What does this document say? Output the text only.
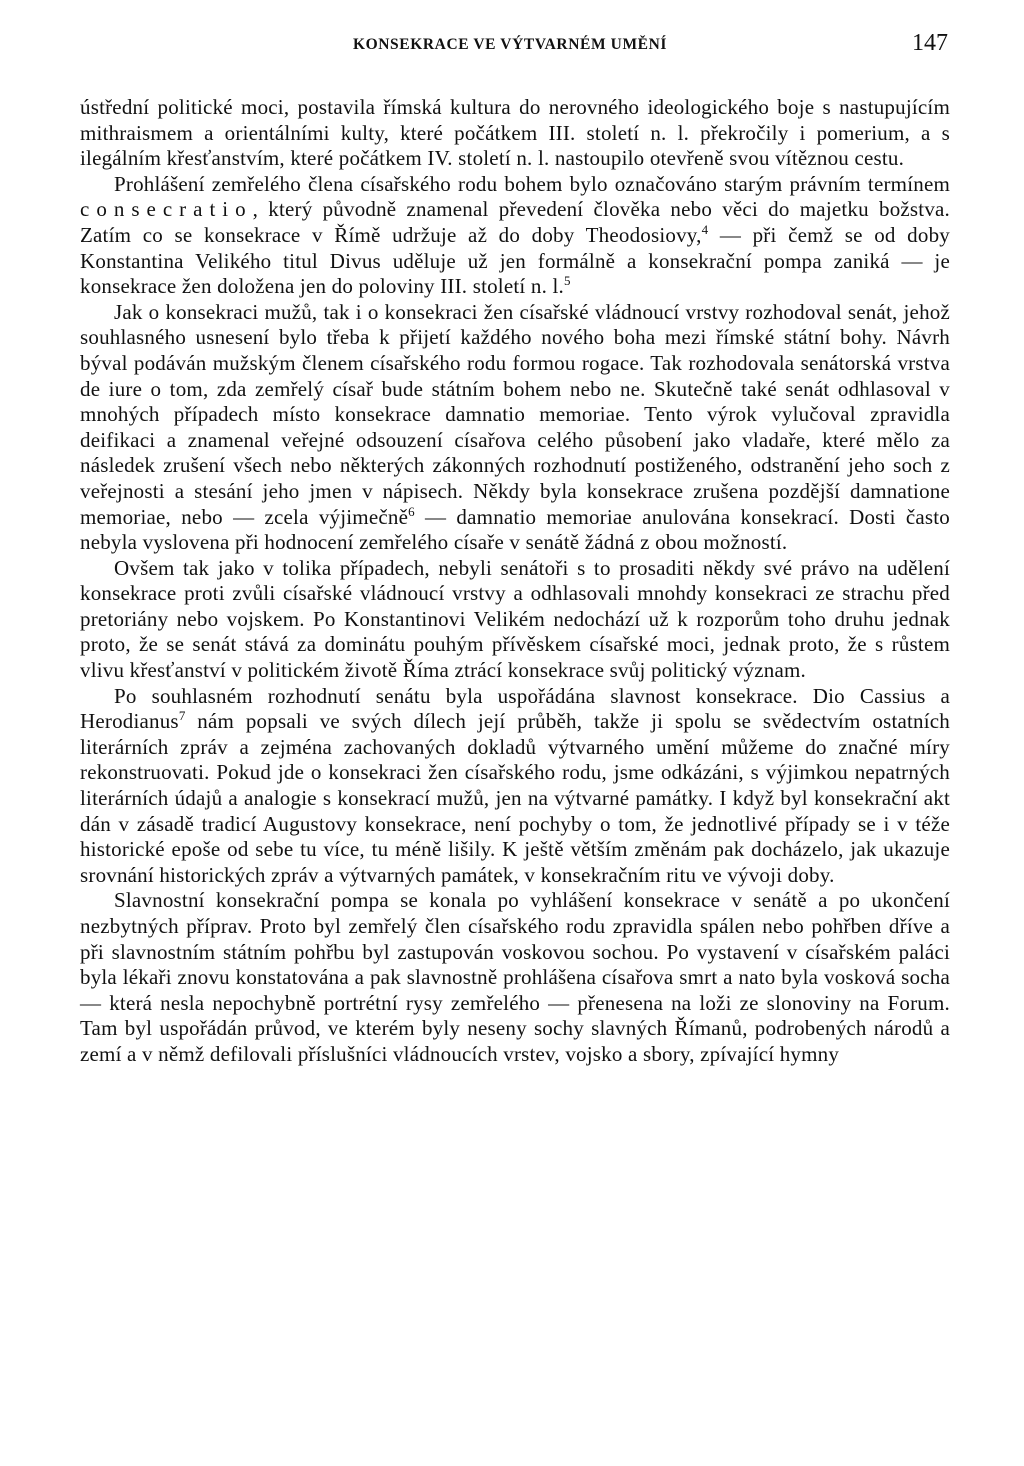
KONSEKRACE VE VÝTVARNÉM UMĚNÍ	147

ústřední politické moci, postavila římská kultura do nerovného ideologického boje s nastupujícím mithraismem a orientálními kulty, které počátkem III. století n. l. překročily i pomerium, a s ilegálním křesťanstvím, které počátkem IV. století n. l. nastoupilo otevřeně svou vítěznou cestu.

Prohlášení zemřelého člena císařského rodu bohem bylo označováno starým právním termínem consecratio, který původně znamenal převedení člověka nebo věci do majetku božstva. Zatím co se konsekrace v Římě udržuje až do doby Theodosiovy,$^4$ — při čemž se od doby Konstantina Velikého titul Divus uděluje už jen formálně a konsekrační pompa zaniká — je konsekrace žen doložena jen do poloviny III. století n. l.$^5$

Jak o konsekraci mužů, tak i o konsekraci žen císařské vládnoucí vrstvy rozhodoval senát, jehož souhlasného usnesení bylo třeba k přijetí každého nového boha mezi římské státní bohy. Návrh býval podáván mužským členem císařského rodu formou rogace. Tak rozhodovala senátorská vrstva de iure o tom, zda zemřelý císař bude státním bohem nebo ne. Skutečně také senát odhlasoval v mnohých případech místo konsekrace damnatio memoriae. Tento výrok vylučoval zpravidla deifikaci a znamenal veřejné odsouzení císařova celého působení jako vladaře, které mělo za následek zrušení všech nebo některých zákonných rozhodnutí postiženého, odstranění jeho soch z veřejnosti a stesání jeho jmen v nápisech. Někdy byla konsekrace zrušena pozdější damnatione memoriae, nebo — zcela výjimečně$^6$ — damnatio memoriae anulována konsekrací. Dosti často nebyla vyslovena při hodnocení zemřelého císaře v senátě žádná z obou možností.

Ovšem tak jako v tolika případech, nebyli senátoři s to prosaditi někdy své právo na udělení konsekrace proti zvůli císařské vládnoucí vrstvy a odhlasovali mnohdy konsekraci ze strachu před pretoriány nebo vojskem. Po Konstantinovi Velikém nedochází už k rozporům toho druhu jednak proto, že se senát stává za dominátu pouhým přívěskem císařské moci, jednak proto, že s růstem vlivu křesťanství v politickém životě Říma ztrácí konsekrace svůj politický význam.

Po souhlasném rozhodnutí senátu byla uspořádána slavnost konsekrace. Dio Cassius a Herodianus$^7$ nám popsali ve svých dílech její průběh, takže ji spolu se svědectvím ostatních literárních zpráv a zejména zachovaných dokladů výtvarného umění můžeme do značné míry rekonstruovati. Pokud jde o konsekraci žen císařského rodu, jsme odkázáni, s výjimkou nepatrných literárních údajů a analogie s konsekrací mužů, jen na výtvarné památky. I když byl konsekrační akt dán v zásadě tradicí Augustovy konsekrace, není pochyby o tom, že jednotlivé případy se i v téže historické epoše od sebe tu více, tu méně lišily. K ještě větším změnám pak docházelo, jak ukazuje srovnání historických zpráv a výtvarných památek, v konsekračním ritu ve vývoji doby.

Slavnostní konsekrační pompa se konala po vyhlášení konsekrace v senátě a po ukončení nezbytných příprav. Proto byl zemřelý člen císařského rodu zpravidla spálen nebo pohřben dříve a při slavnostním státním pohřbu byl zastupován voskovou sochou. Po vystavení v císařském paláci byla lékaři znovu konstatována a pak slavnostně prohlášena císařova smrt a nato byla vosková socha — která nesla nepochybně portrétní rysy zemřelého — přenesena na loži ze slonoviny na Forum. Tam byl uspořádán průvod, ve kterém byly neseny sochy slavných Římanů, podrobených národů a zemí a v němž defilovali příslušníci vládnoucích vrstev, vojsko a sbory, zpívající hymny
